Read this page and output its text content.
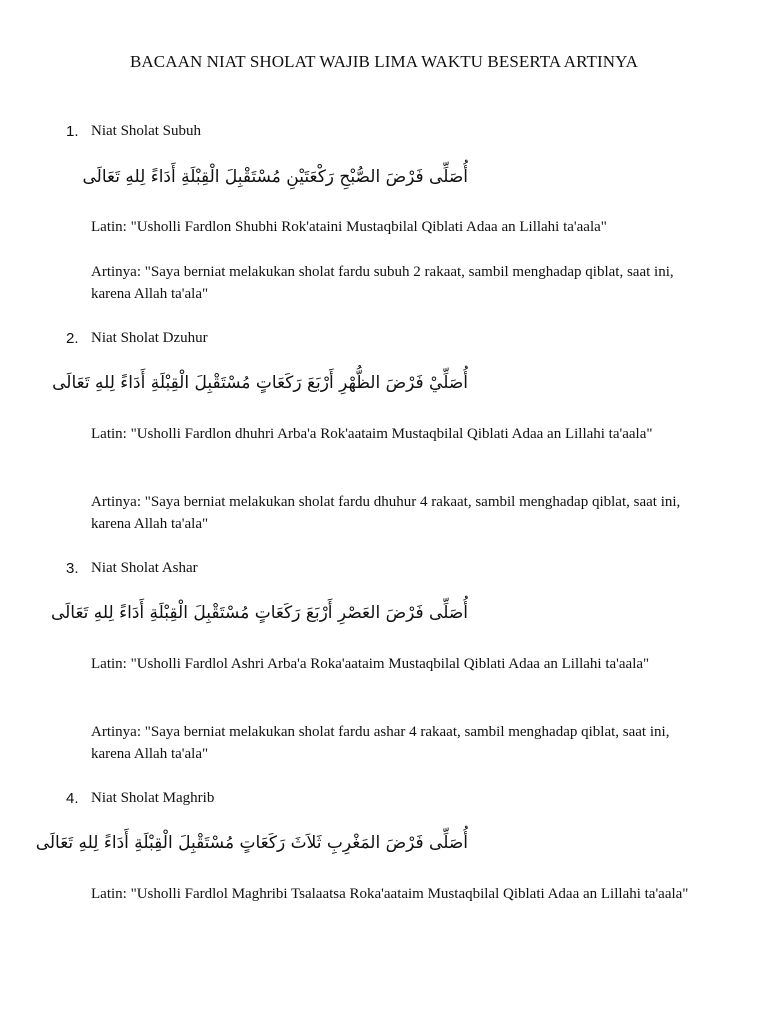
BACAAN NIAT SHOLAT WAJIB LIMA WAKTU BESERTA ARTINYA
1. Niat Sholat Subuh
أُصَلِّى فَرْضَ الصُّبْحِ رَكْعَتَيْنِ مُسْتَقْبِلَ الْقِبْلَةِ أَدَاءً لِلهِ تَعَالَى
Latin: "Usholli Fardlon Shubhi Rok'ataini Mustaqbilal Qiblati Adaa an Lillahi ta'aala"
Artinya: "Saya berniat melakukan sholat fardu subuh 2 rakaat, sambil menghadap qiblat, saat ini, karena Allah ta'ala"
2. Niat Sholat Dzuhur
أُصَلِّيْ فَرْضَ الظُّهْرِ أَرْبَعَ رَكَعَاتٍ مُسْتَقْبِلَ الْقِبْلَةِ أَدَاءً لِلهِ تَعَالَى
Latin: "Usholli Fardlon dhuhri Arba'a Rok'aataim Mustaqbilal Qiblati Adaa an Lillahi ta'aala"
Artinya: "Saya berniat melakukan sholat fardu dhuhur 4 rakaat, sambil menghadap qiblat, saat ini, karena Allah ta'ala"
3. Niat Sholat Ashar
أُصَلِّى فَرْضَ العَصْرِ أَرْبَعَ رَكَعَاتٍ مُسْتَقْبِلَ الْقِبْلَةِ أَدَاءً لِلهِ تَعَالَى
Latin: "Usholli Fardlol Ashri Arba'a Roka'aataim Mustaqbilal Qiblati Adaa an Lillahi ta'aala"
Artinya: "Saya berniat melakukan sholat fardu ashar 4 rakaat, sambil menghadap qiblat, saat ini, karena Allah ta'ala"
4. Niat Sholat Maghrib
أُصَلِّى فَرْضَ المَغْرِبِ ثَلاَثَ رَكَعَاتٍ مُسْتَقْبِلَ الْقِبْلَةِ أَدَاءً لِلهِ تَعَالَى
Latin: "Usholli Fardlol Maghribi Tsalaatsa Roka'aataim Mustaqbilal Qiblati Adaa an Lillahi ta'aala"
